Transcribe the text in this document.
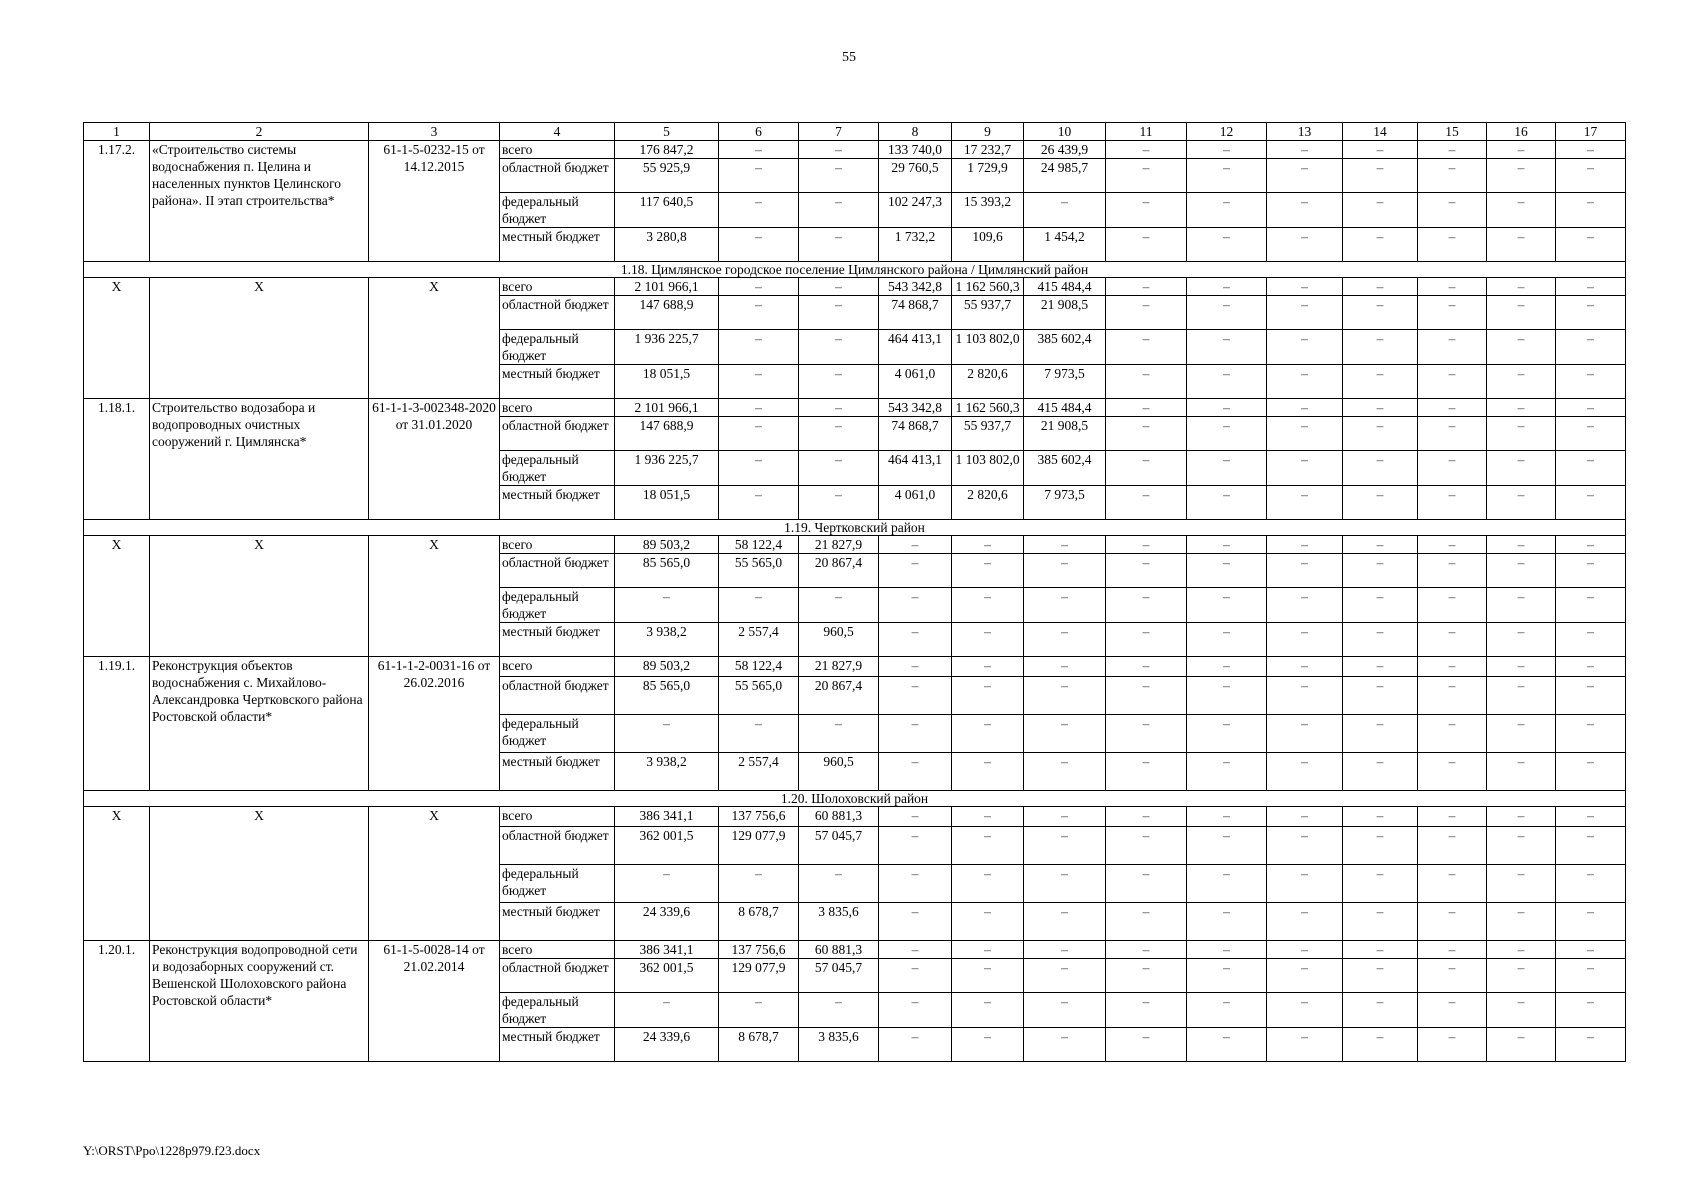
55
1	2	3	4	5	6	7	8	9	10	11	12	13	14	15	16	17
1.17.2.	«Строительство системы водоснабжения п. Целина и населенных пунктов Целинского района». II этап строительства*	61-1-5-0232-15 от 14.12.2015	всего	176 847,2	–	–	133 740,0	17 232,7	26 439,9	–	–	–	–	–	–	–
			областной бюджет	55 925,9	–	–	29 760,5	1 729,9	24 985,7	–	–	–	–	–	–	–
			федеральный бюджет	117 640,5	–	–	102 247,3	15 393,2	–	–	–	–	–	–	–	–
			местный бюджет	3 280,8	–	–	1 732,2	109,6	1 454,2	–	–	–	–	–	–	–
1.18. Цимлянское городское поселение Цимлянского района / Цимлянский район																
Х	Х	Х	всего	2 101 966,1	–	–	543 342,8	1 162 560,3	415 484,4	–	–	–	–	–	–	–
			областной бюджет	147 688,9	–	–	74 868,7	55 937,7	21 908,5	–	–	–	–	–	–	–
			федеральный бюджет	1 936 225,7	–	–	464 413,1	1 103 802,0	385 602,4	–	–	–	–	–	–	–
			местный бюджет	18 051,5	–	–	4 061,0	2 820,6	7 973,5	–	–	–	–	–	–	–
1.18.1.	Строительство водозабора и водопроводных очистных сооружений г. Цимлянска*	61-1-1-3-002348-2020 от 31.01.2020	всего	2 101 966,1	–	–	543 342,8	1 162 560,3	415 484,4	–	–	–	–	–	–	–
			областной бюджет	147 688,9	–	–	74 868,7	55 937,7	21 908,5	–	–	–	–	–	–	–
			федеральный бюджет	1 936 225,7	–	–	464 413,1	1 103 802,0	385 602,4	–	–	–	–	–	–	–
			местный бюджет	18 051,5	–	–	4 061,0	2 820,6	7 973,5	–	–	–	–	–	–	–
1.19. Чертковский район																
Х	Х	Х	всего	89 503,2	58 122,4	21 827,9	–	–	–	–	–	–	–	–	–	–
			областной бюджет	85 565,0	55 565,0	20 867,4	–	–	–	–	–	–	–	–	–	–
			федеральный бюджет	–	–	–	–	–	–	–	–	–	–	–	–	–
			местный бюджет	3 938,2	2 557,4	960,5	–	–	–	–	–	–	–	–	–	–
1.19.1.	Реконструкция объектов водоснабжения с. Михайлово-Александровка Чертковского района Ростовской области*	61-1-1-2-0031-16 от 26.02.2016	всего	89 503,2	58 122,4	21 827,9	–	–	–	–	–	–	–	–	–	–
			областной бюджет	85 565,0	55 565,0	20 867,4	–	–	–	–	–	–	–	–	–	–
			федеральный бюджет	–	–	–	–	–	–	–	–	–	–	–	–	–
			местный бюджет	3 938,2	2 557,4	960,5	–	–	–	–	–	–	–	–	–	–
1.20. Шолоховский район																
Х	Х	Х	всего	386 341,1	137 756,6	60 881,3	–	–	–	–	–	–	–	–	–	–
			областной бюджет	362 001,5	129 077,9	57 045,7	–	–	–	–	–	–	–	–	–	–
			федеральный бюджет	–	–	–	–	–	–	–	–	–	–	–	–	–
			местный бюджет	24 339,6	8 678,7	3 835,6	–	–	–	–	–	–	–	–	–	–
1.20.1.	Реконструкция водопроводной сети и водозаборных сооружений ст. Вешенской Шолоховского района Ростовской области*	61-1-5-0028-14 от 21.02.2014	всего	386 341,1	137 756,6	60 881,3	–	–	–	–	–	–	–	–	–	–
			областной бюджет	362 001,5	129 077,9	57 045,7	–	–	–	–	–	–	–	–	–	–
			федеральный бюджет	–	–	–	–	–	–	–	–	–	–	–	–	–
			местный бюджет	24 339,6	8 678,7	3 835,6	–	–	–	–	–	–	–	–	–	–
Y:\ORST\Ppo\1228p979.f23.docx
